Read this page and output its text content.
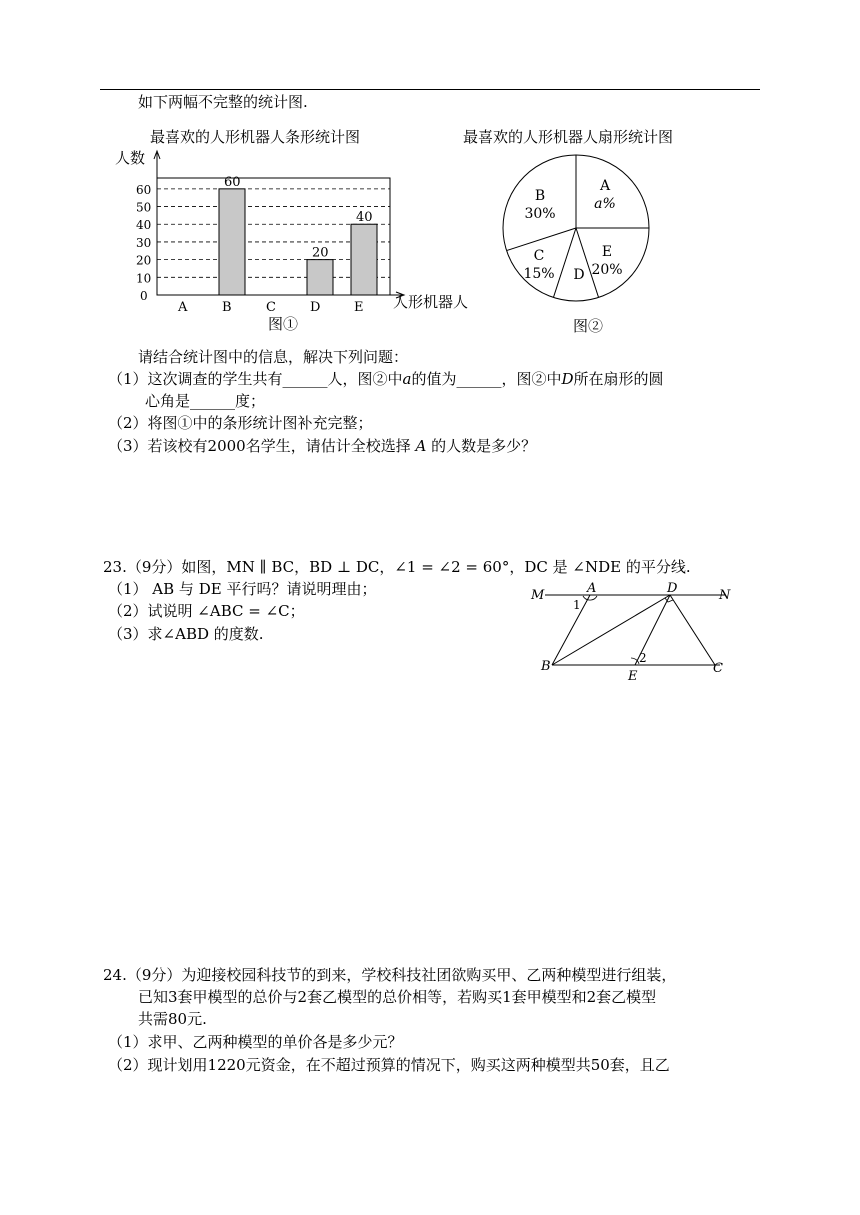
如下两幅不完整的统计图.
最喜欢的人形机器人条形统计图
0
10
20
30
40
50
60
A	B	C	D	E
60
20
40
人数
人形机器人
图①
最喜欢的人形机器人扇形统计图
A
a%
B
30%
C
15% D
E
20%
图②
请结合统计图中的信息，解决下列问题：
（1）这次调查的学生共有______人，图②中a的值为______，图②中D所在扇形的圆
心角是______度；
（2）将图①中的条形统计图补充完整；
（3）若该校有2000名学生，请估计全校选择 A 的人数是多少？
23.（9分）如图，MN ∥ BC，BD ⊥ DC，∠1 = ∠2 = 60°，DC 是 ∠NDE 的平分线.
（1） AB 与 DE 平行吗？请说明理由；
（2）试说明 ∠ABC = ∠C；
（3）求∠ABD 的度数.
M	A	D	N
B
E
C
1
2
24.（9分）为迎接校园科技节的到来，学校科技社团欲购买甲、乙两种模型进行组装，
已知3套甲模型的总价与2套乙模型的总价相等，若购买1套甲模型和2套乙模型
共需80元.
（1）求甲、乙两种模型的单价各是多少元？
（2）现计划用1220元资金，在不超过预算的情况下，购买这两种模型共50套，且乙
